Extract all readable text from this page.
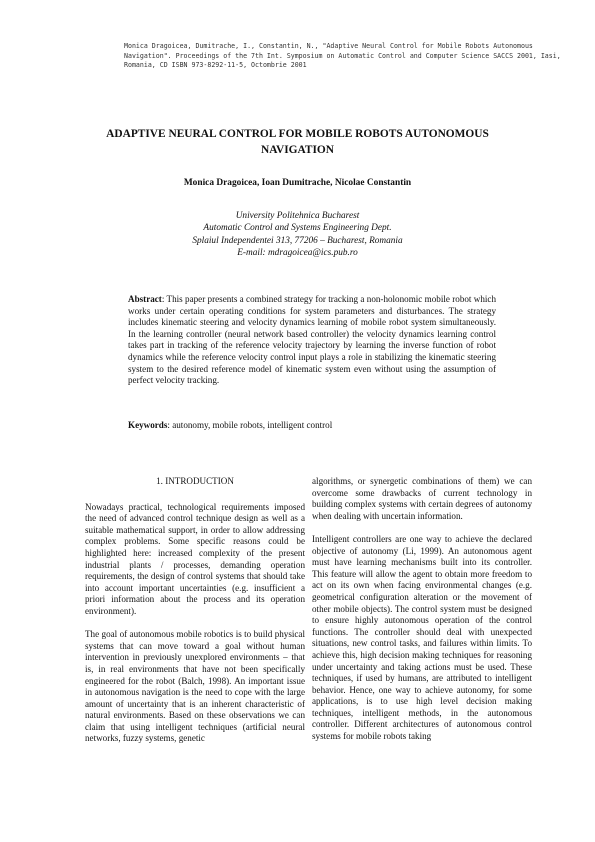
Monica Dragoicea, Dumitrache, I., Constantin, N., "Adaptive Neural Control for Mobile Robots Autonomous Navigation". Proceedings of the 7th Int. Symposium on Automatic Control and Computer Science SACCS 2001, Iasi, Romania, CD ISBN 973-8292-11-5, Octombrie 2001
ADAPTIVE NEURAL CONTROL FOR MOBILE ROBOTS AUTONOMOUS NAVIGATION
Monica Dragoicea, Ioan Dumitrache, Nicolae Constantin
University Politehnica Bucharest
Automatic Control and Systems Engineering Dept.
Splaiul Independentei 313, 77206 – Bucharest, Romania
E-mail: mdragoicea@ics.pub.ro
Abstract: This paper presents a combined strategy for tracking a non-holonomic mobile robot which works under certain operating conditions for system parameters and disturbances. The strategy includes kinematic steering and velocity dynamics learning of mobile robot system simultaneously. In the learning controller (neural network based controller) the velocity dynamics learning control takes part in tracking of the reference velocity trajectory by learning the inverse function of robot dynamics while the reference velocity control input plays a role in stabilizing the kinematic steering system to the desired reference model of kinematic system even without using the assumption of perfect velocity tracking.
Keywords: autonomy, mobile robots, intelligent control
1. INTRODUCTION

Nowadays practical, technological requirements imposed the need of advanced control technique design as well as a suitable mathematical support, in order to allow addressing complex problems. Some specific reasons could be highlighted here: increased complexity of the present industrial plants / processes, demanding operation requirements, the design of control systems that should take into account important uncertainties (e.g. insufficient a priori information about the process and its operation environment).

The goal of autonomous mobile robotics is to build physical systems that can move toward a goal without human intervention in previously unexplored environments – that is, in real environments that have not been specifically engineered for the robot (Balch, 1998). An important issue in autonomous navigation is the need to cope with the large amount of uncertainty that is an inherent characteristic of natural environments. Based on these observations we can claim that using intelligent techniques (artificial neural networks, fuzzy systems, genetic

algorithms, or synergetic combinations of them) we can overcome some drawbacks of current technology in building complex systems with certain degrees of autonomy when dealing with uncertain information.

Intelligent controllers are one way to achieve the declared objective of autonomy (Li, 1999). An autonomous agent must have learning mechanisms built into its controller. This feature will allow the agent to obtain more freedom to act on its own when facing environmental changes (e.g. geometrical configuration alteration or the movement of other mobile objects). The control system must be designed to ensure highly autonomous operation of the control functions. The controller should deal with unexpected situations, new control tasks, and failures within limits. To achieve this, high decision making techniques for reasoning under uncertainty and taking actions must be used. These techniques, if used by humans, are attributed to intelligent behavior. Hence, one way to achieve autonomy, for some applications, is to use high level decision making techniques, intelligent methods, in the autonomous controller. Different architectures of autonomous control systems for mobile robots taking
